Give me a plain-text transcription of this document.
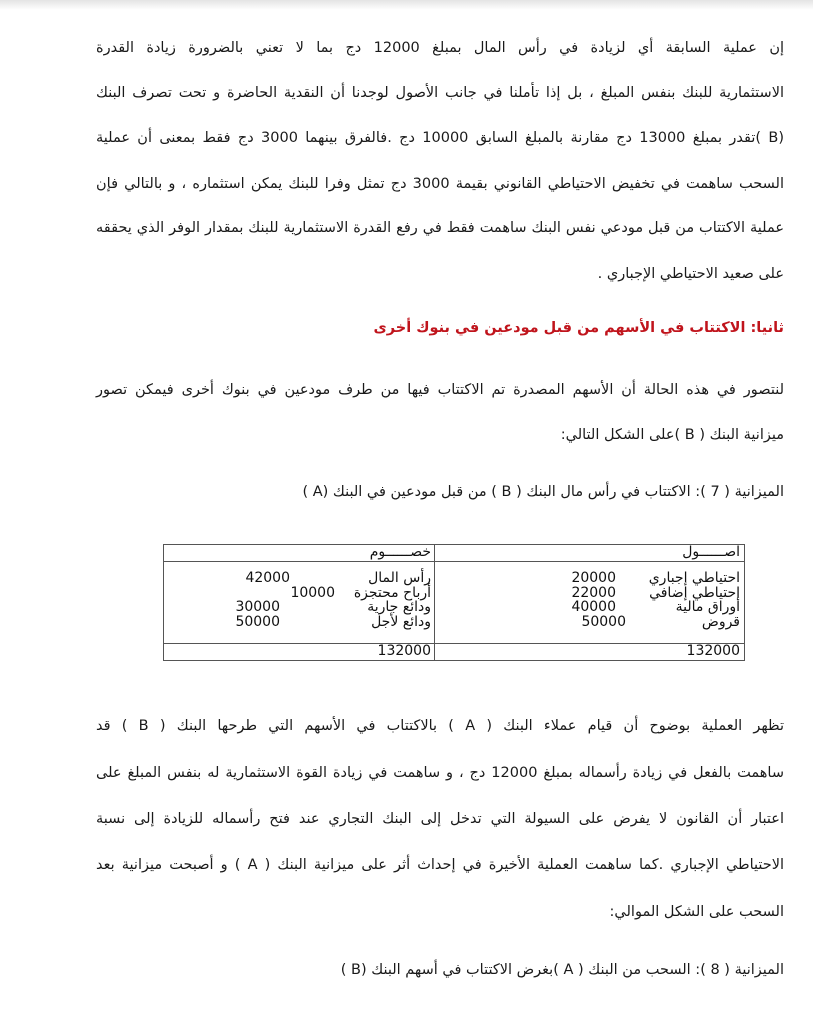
إن عملية السابقة أي لزيادة في رأس المال بمبلغ 12000 دج بما لا تعني بالضرورة زيادة القدرة
الاستثمارية للبنك بنفس المبلغ ، بل إذا تأملنا في جانب الأصول لوجدنا أن النقدية الحاضرة و تحت تصرف البنك
(B )تقدر بمبلغ 13000 دج مقارنة بالمبلغ السابق 10000 دج .فالفرق بينهما 3000 دج فقط بمعنى أن عملية
السحب ساهمت في تخفيض الاحتياطي القانوني بقيمة 3000 دج تمثل وفرا للبنك يمكن استثماره ، و بالتالي فإن
عملية الاكتتاب من قبل مودعي نفس البنك ساهمت فقط في رفع القدرة الاستثمارية للبنك بمقدار الوفر الذي يحققه
على صعيد الاحتياطي الإجباري .
ثانيا: الاكتتاب في الأسهم من قبل مودعين في بنوك أخرى
لنتصور في هذه الحالة أن الأسهم المصدرة تم الاكتتاب فيها من طرف مودعين في بنوك أخرى فيمكن تصور
ميزانية البنك ( B )على الشكل التالي:
الميزانية ( 7 ): الاكتتاب في رأس مال البنك ( B ) من قبل مودعين في البنك (A )
تظهر العملية بوضوح أن قيام عملاء البنك ( A ) بالاكتتاب في الأسهم التي طرحها البنك ( B ) قد
ساهمت بالفعل في زيادة رأسماله بمبلغ 12000 دج ، و ساهمت في زيادة القوة الاستثمارية له بنفس المبلغ على
اعتبار أن القانون لا يفرض على السيولة التي تدخل إلى البنك التجاري عند فتح رأسماله للزيادة إلى نسبة
الاحتياطي الإجباري .كما ساهمت العملية الأخيرة في إحداث أثر على ميزانية البنك ( A ) و أصبحت ميزانية بعد
السحب على الشكل الموالي:
الميزانية ( 8 ): السحب من البنك ( A )بغرض الاكتتاب في أسهم البنك (B )
اصــــــول
احتياطي إجباري
20000
احتياطي إضافي
22000
أوراق مالية
40000
قروض
50000
132000
خصــــــوم
رأس المال
42000
أرباح محتجزة
10000
ودائع جارية
30000
ودائع لأجل
50000
132000
